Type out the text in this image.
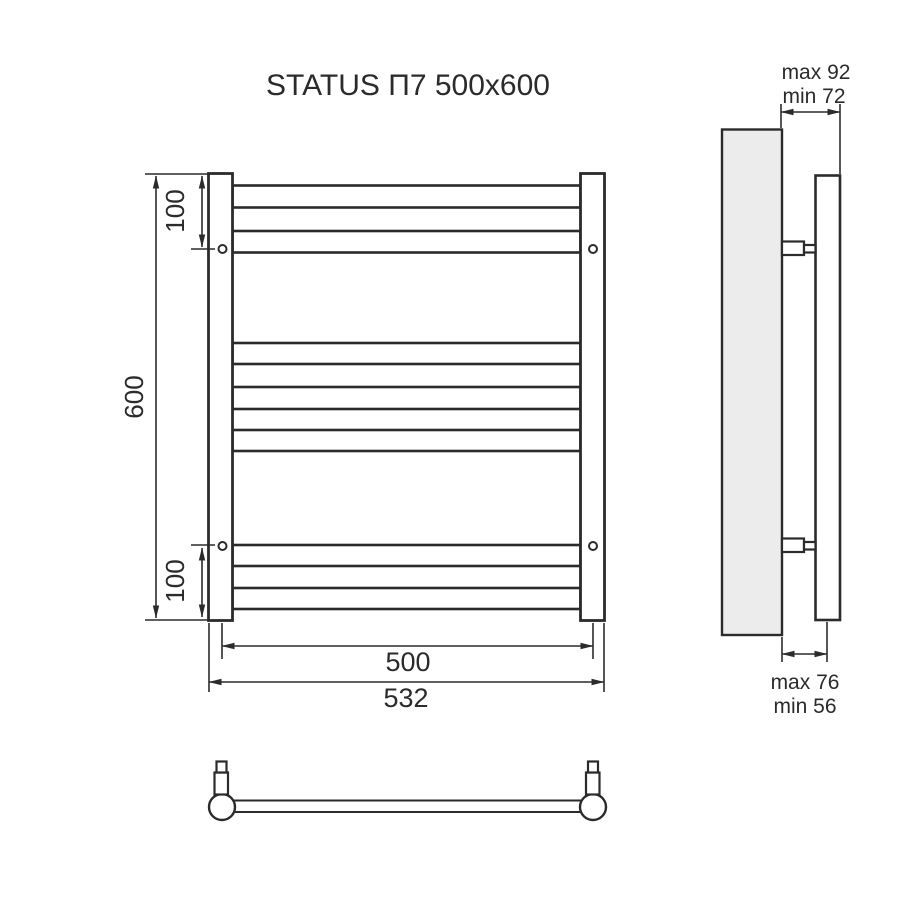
STATUS П7 500x600
600
100
100
500
532
max 92
min 72
max 76
min 56
